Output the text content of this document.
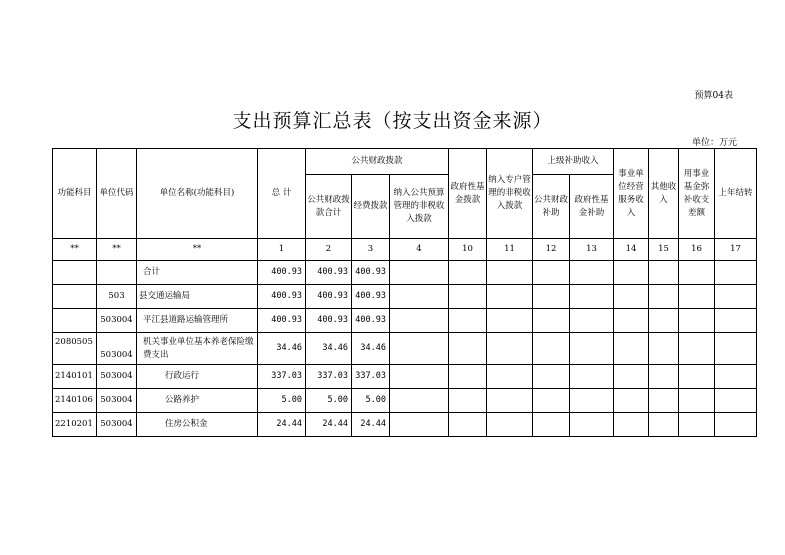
预算04表
支出预算汇总表（按支出资金来源）
单位：万元
功能科目	单位代码	单位名称(功能科目)	总 计	公共财政拨款			政府性基金拨款	纳入专户管理的非税收入拨款	上级补助收入		事业单位经营服务收入	其他收入	用事业基金弥补收支差额	上年结转
				公共财政拨款合计	经费拨款	纳入公共预算管理的非税收入拨款			公共财政补助	政府性基金补助				
**	**	**	1	2	3	4	10	11	12	13	14	15	16	17
		合计	400.93	400.93	400.93									
	503	县交通运输局	400.93	400.93	400.93									
	503004	平江县道路运输管理所	400.93	400.93	400.93									
2080505	503004	机关事业单位基本养老保险缴费支出	34.46	34.46	34.46									
2140101	503004	行政运行	337.03	337.03	337.03									
2140106	503004	公路养护	5.00	5.00	5.00									
2210201	503004	住房公积金	24.44	24.44	24.44									
